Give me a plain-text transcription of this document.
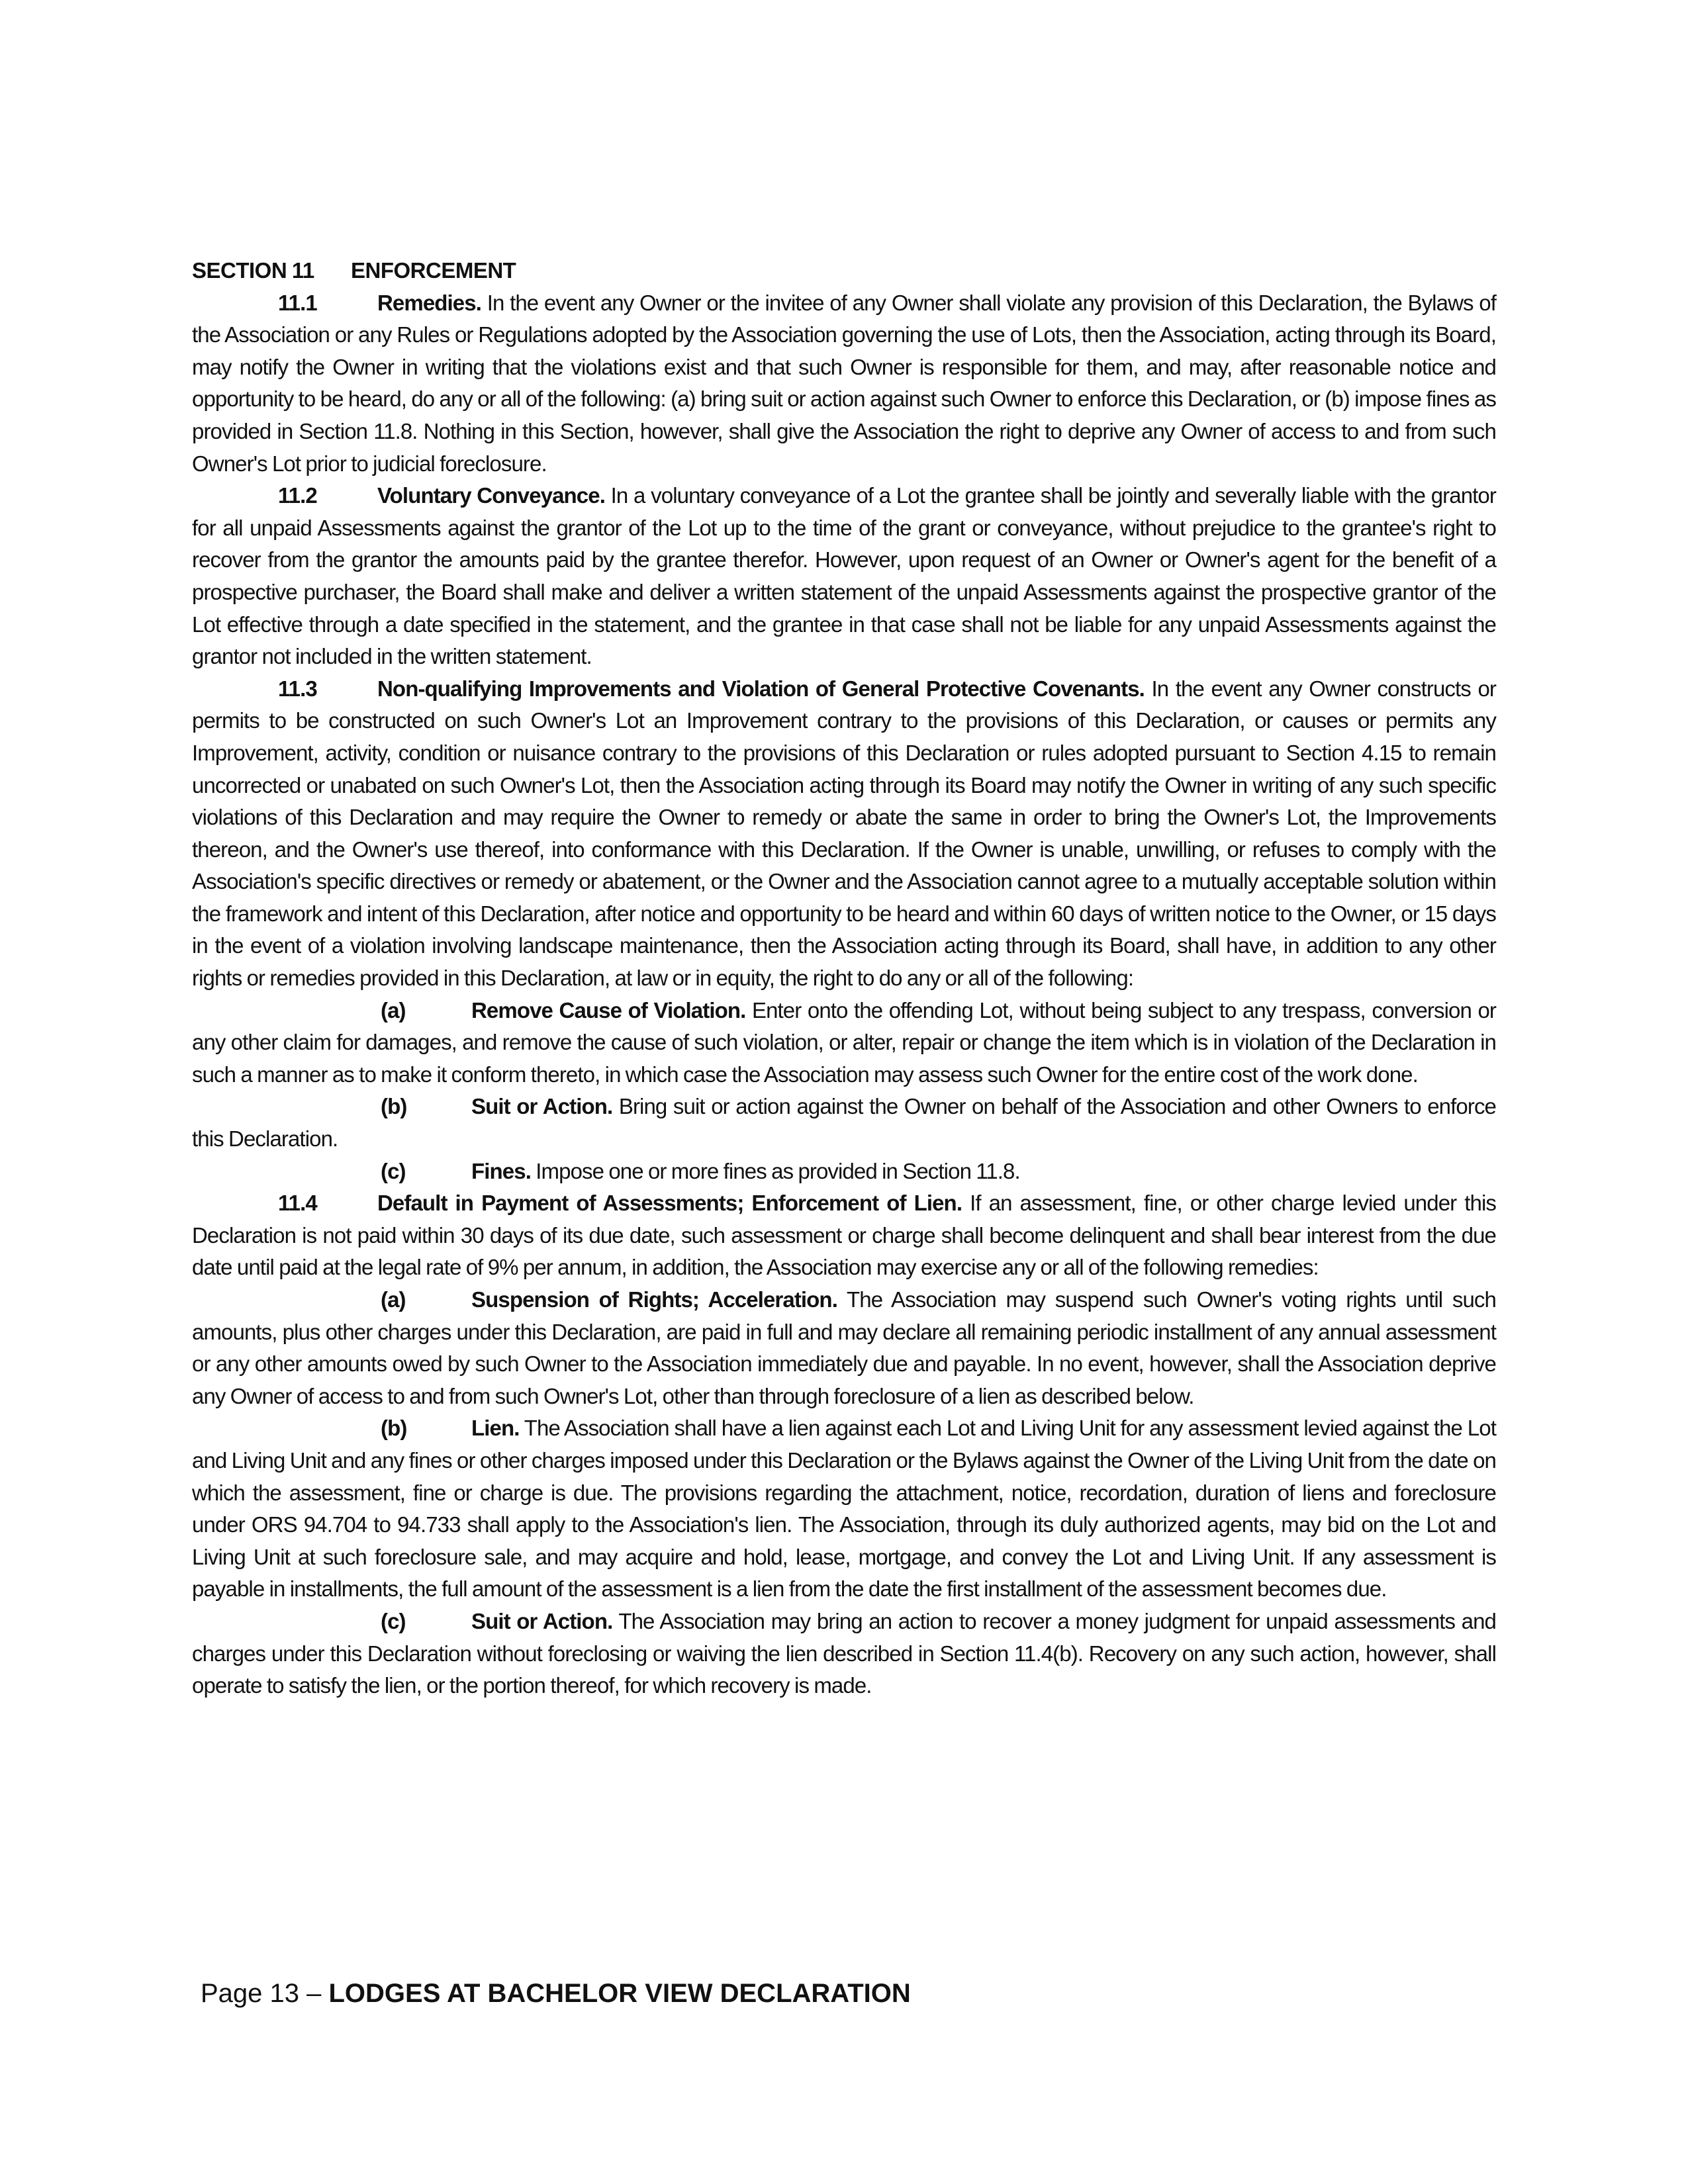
SECTION 11 ENFORCEMENT

11.1	Remedies. In the event any Owner or the invitee of any Owner shall violate any provision of this Declaration, the Bylaws of the Association or any Rules or Regulations adopted by the Association governing the use of Lots, then the Association, acting through its Board, may notify the Owner in writing that the violations exist and that such Owner is responsible for them, and may, after reasonable notice and opportunity to be heard, do any or all of the following: (a) bring suit or action against such Owner to enforce this Declaration, or (b) impose fines as provided in Section 11.8. Nothing in this Section, however, shall give the Association the right to deprive any Owner of access to and from such Owner's Lot prior to judicial foreclosure.

11.2	Voluntary Conveyance. In a voluntary conveyance of a Lot the grantee shall be jointly and severally liable with the grantor for all unpaid Assessments against the grantor of the Lot up to the time of the grant or conveyance, without prejudice to the grantee's right to recover from the grantor the amounts paid by the grantee therefor. However, upon request of an Owner or Owner's agent for the benefit of a prospective purchaser, the Board shall make and deliver a written statement of the unpaid Assessments against the prospective grantor of the Lot effective through a date specified in the statement, and the grantee in that case shall not be liable for any unpaid Assessments against the grantor not included in the written statement.

11.3	Non-qualifying Improvements and Violation of General Protective Covenants. In the event any Owner constructs or permits to be constructed on such Owner's Lot an Improvement contrary to the provisions of this Declaration, or causes or permits any Improvement, activity, condition or nuisance contrary to the provisions of this Declaration or rules adopted pursuant to Section 4.15 to remain uncorrected or unabated on such Owner's Lot, then the Association acting through its Board may notify the Owner in writing of any such specific violations of this Declaration and may require the Owner to remedy or abate the same in order to bring the Owner's Lot, the Improvements thereon, and the Owner's use thereof, into conformance with this Declaration. If the Owner is unable, unwilling, or refuses to comply with the Association's specific directives or remedy or abatement, or the Owner and the Association cannot agree to a mutually acceptable solution within the framework and intent of this Declaration, after notice and opportunity to be heard and within 60 days of written notice to the Owner, or 15 days in the event of a violation involving landscape maintenance, then the Association acting through its Board, shall have, in addition to any other rights or remedies provided in this Declaration, at law or in equity, the right to do any or all of the following:

(a)	Remove Cause of Violation. Enter onto the offending Lot, without being subject to any trespass, conversion or any other claim for damages, and remove the cause of such violation, or alter, repair or change the item which is in violation of the Declaration in such a manner as to make it conform thereto, in which case the Association may assess such Owner for the entire cost of the work done.

(b)	Suit or Action. Bring suit or action against the Owner on behalf of the Association and other Owners to enforce this Declaration.

(c)	Fines. Impose one or more fines as provided in Section 11.8.

11.4	Default in Payment of Assessments; Enforcement of Lien. If an assessment, fine, or other charge levied under this Declaration is not paid within 30 days of its due date, such assessment or charge shall become delinquent and shall bear interest from the due date until paid at the legal rate of 9% per annum, in addition, the Association may exercise any or all of the following remedies:

(a)	Suspension of Rights; Acceleration. The Association may suspend such Owner's voting rights until such amounts, plus other charges under this Declaration, are paid in full and may declare all remaining periodic installment of any annual assessment or any other amounts owed by such Owner to the Association immediately due and payable. In no event, however, shall the Association deprive any Owner of access to and from such Owner's Lot, other than through foreclosure of a lien as described below.

(b)	Lien. The Association shall have a lien against each Lot and Living Unit for any assessment levied against the Lot and Living Unit and any fines or other charges imposed under this Declaration or the Bylaws against the Owner of the Living Unit from the date on which the assessment, fine or charge is due. The provisions regarding the attachment, notice, recordation, duration of liens and foreclosure under ORS 94.704 to 94.733 shall apply to the Association's lien. The Association, through its duly authorized agents, may bid on the Lot and Living Unit at such foreclosure sale, and may acquire and hold, lease, mortgage, and convey the Lot and Living Unit. If any assessment is payable in installments, the full amount of the assessment is a lien from the date the first installment of the assessment becomes due.

(c)	Suit or Action. The Association may bring an action to recover a money judgment for unpaid assessments and charges under this Declaration without foreclosing or waiving the lien described in Section 11.4(b). Recovery on any such action, however, shall operate to satisfy the lien, or the portion thereof, for which recovery is made.

Page 13 – LODGES AT BACHELOR VIEW DECLARATION
